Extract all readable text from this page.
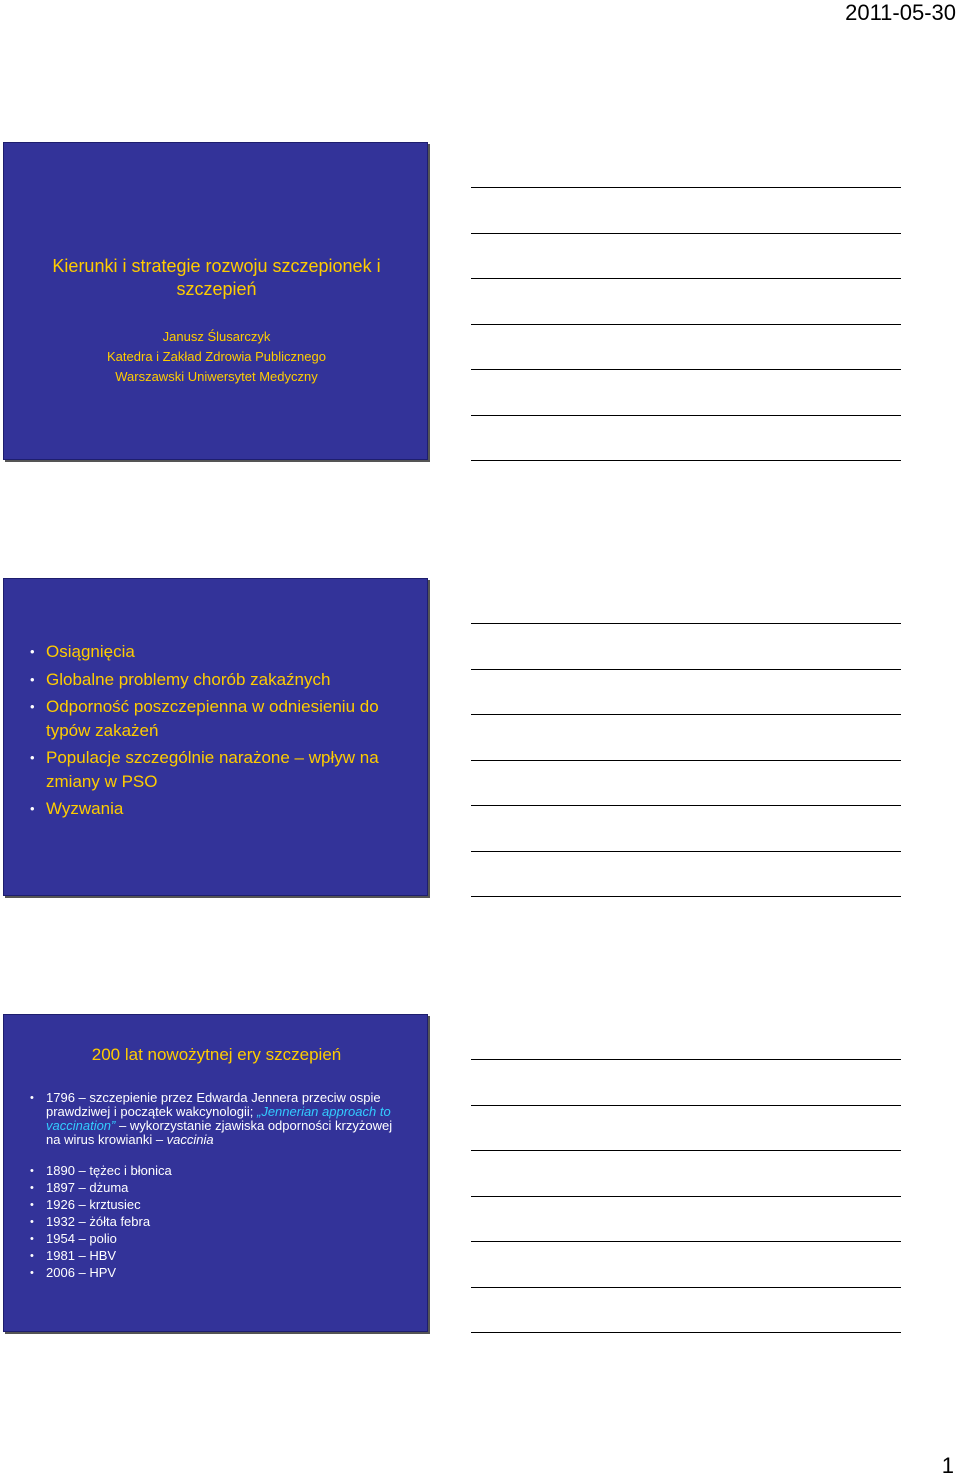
2011-05-30
Kierunki i strategie rozwoju szczepionek i szczepień
Janusz Ślusarczyk
Katedra i Zakład Zdrowia Publicznego
Warszawski Uniwersytet Medyczny
• Osiągnięcia
• Globalne problemy chorób zakaźnych
• Odporność poszczepienna w odniesieniu do typów zakażeń
• Populacje szczególnie narażone – wpływ na zmiany w PSO
• Wyzwania
200 lat nowożytnej ery szczepień
• 1796 – szczepienie przez Edwarda Jennera przeciw ospie prawdziwej i początek wakcynologii; „Jennerian approach to vaccination” – wykorzystanie zjawiska odporności krzyżowej na wirus krowianki – vaccinia
• 1890 – tężec i błonica
• 1897 – dżuma
• 1926 – krztusiec
• 1932 – żółta febra
• 1954 – polio
• 1981 – HBV
• 2006 – HPV
1
